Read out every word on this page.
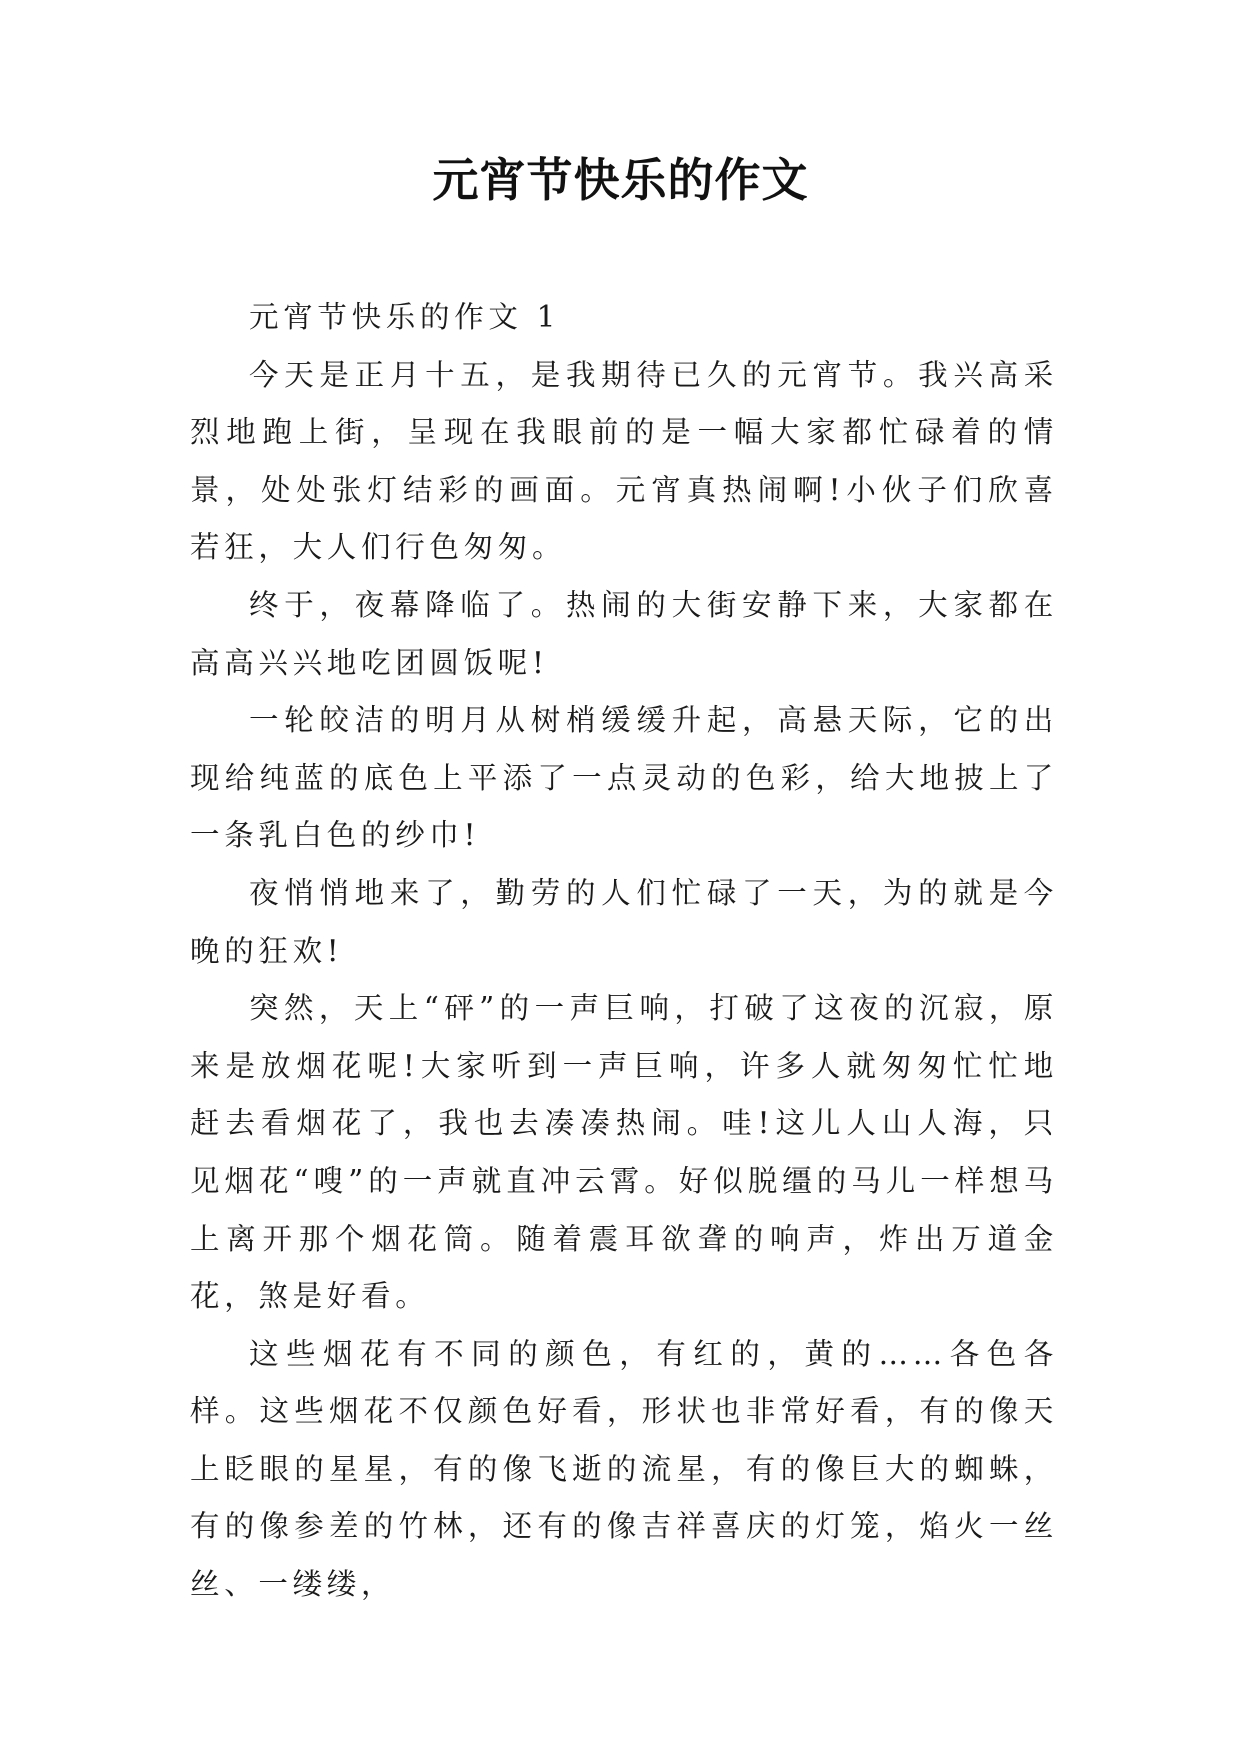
元宵节快乐的作文

元宵节快乐的作文 1

今天是正月十五，是我期待已久的元宵节。我兴高采烈地跑上街，呈现在我眼前的是一幅大家都忙碌着的情景，处处张灯结彩的画面。元宵真热闹啊!小伙子们欣喜若狂，大人们行色匆匆。

终于，夜幕降临了。热闹的大街安静下来，大家都在高高兴兴地吃团圆饭呢!

一轮皎洁的明月从树梢缓缓升起，高悬天际，它的出现给纯蓝的底色上平添了一点灵动的色彩，给大地披上了一条乳白色的纱巾!

夜悄悄地来了，勤劳的人们忙碌了一天，为的就是今晚的狂欢!

突然，天上“砰”的一声巨响，打破了这夜的沉寂，原来是放烟花呢!大家听到一声巨响，许多人就匆匆忙忙地赶去看烟花了，我也去凑凑热闹。哇!这儿人山人海，只见烟花“嗖”的一声就直冲云霄。好似脱缰的马儿一样想马上离开那个烟花筒。随着震耳欲聋的响声，炸出万道金花，煞是好看。

这些烟花有不同的颜色，有红的，黄的……各色各样。这些烟花不仅颜色好看，形状也非常好看，有的像天上眨眼的星星，有的像飞逝的流星，有的像巨大的蜘蛛，有的像参差的竹林，还有的像吉祥喜庆的灯笼，焰火一丝丝、一缕缕，
